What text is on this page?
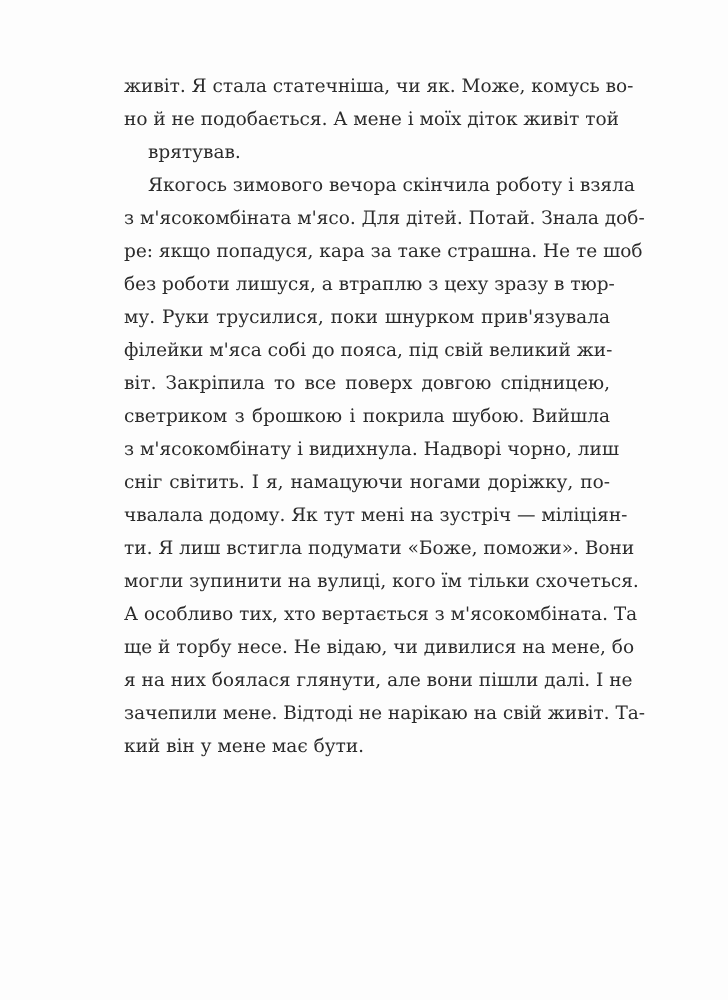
живіт. Я стала статечніша, чи як. Може, комусь во-
но й не подобається. А мене і моїх діток живіт той
врятував.
Якогось зимового вечора скінчила роботу і взяла
з м'ясокомбіната м'ясо. Для дітей. Потай. Знала доб-
ре: якщо попадуся, кара за таке страшна. Не те шоб
без роботи лишуся, а втраплю з цеху зразу в тюр-
му. Руки трусилися, поки шнурком прив'язувала
філейки м'яса собі до пояса, під свій великий жи-
віт. Закріпила то все поверх довгою спідницею,
светриком з брошкою і покрила шубою. Вийшла
з м'ясокомбінату і видихнула. Надворі чорно, лиш
сніг світить. І я, намацуючи ногами доріжку, по-
чвалала додому. Як тут мені на зустріч — міліціян-
ти. Я лиш встигла подумати «Боже, поможи». Вони
могли зупинити на вулиці, кого їм тільки схочеться.
А особливо тих, хто вертається з м'ясокомбіната. Та
ще й торбу несе. Не відаю, чи дивилися на мене, бо
я на них боялася глянути, але вони пішли далі. І не
зачепили мене. Відтоді не нарікаю на свій живіт. Та-
кий він у мене має бути.
